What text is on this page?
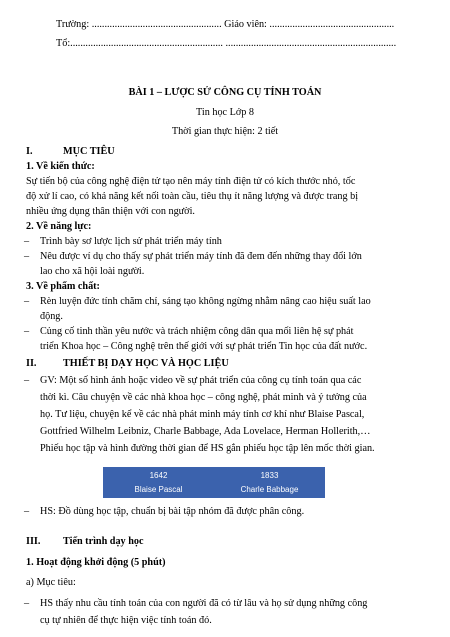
Trường: ................................................... Giáo viên: .................................................
Tổ:............................................................ ...................................................................
BÀI 1 – LƯỢC SỬ CÔNG CỤ TÍNH TOÁN
Tin học Lớp 8
Thời gian thực hiện: 2 tiết
I.	MỤC TIÊU
1. Về kiến thức:
Sự tiến bộ của công nghệ điện tử tạo nên máy tính điện tử có kích thước nhỏ, tốc
độ xử lí cao, có khả năng kết nối toàn cầu, tiêu thụ ít năng lượng và được trang bị
nhiều ứng dụng thân thiện với con người.
2. Về năng lực:
– Trình bày sơ lược lịch sử phát triển máy tính
– Nêu được ví dụ cho thấy sự phát triển máy tính đã đem đến những thay đổi lớn
lao cho xã hội loài người.
3. Về phẩm chất:
– Rèn luyện đức tính chăm chỉ, sáng tạo không ngừng nhằm nâng cao hiệu suất lao
động.
– Củng cố tinh thần yêu nước và trách nhiệm công dân qua mối liên hệ sự phát
triển Khoa học – Công nghệ trên thế giới với sự phát triển Tin học của đất nước.
II.	THIẾT BỊ DẠY HỌC VÀ HỌC LIỆU
– GV: Một số hình ảnh hoặc video về sự phát triển của công cụ tính toán qua các
thời kì. Câu chuyện về các nhà khoa học – công nghệ, phát minh và ý tưởng của
họ. Tư liệu, chuyện kể về các nhà phát minh máy tính cơ khí như Blaise Pascal,
Gottfried Wilhelm Leibniz, Charle Babbage, Ada Lovelace, Herman Hollerith,…
Phiếu học tập và hình đường thời gian để HS gắn phiếu học tập lên mốc thời gian.
1642
Blaise Pascal
1833
Charle Babbage
– HS: Đồ dùng học tập, chuẩn bị bài tập nhóm đã được phân công.
III. Tiến trình dạy học
1. Hoạt động khởi động (5 phút)
a) Mục tiêu:
– HS thấy nhu cầu tính toán của con người đã có từ lâu và họ sử dụng những công
cụ tự nhiên để thực hiện việc tính toán đó.
